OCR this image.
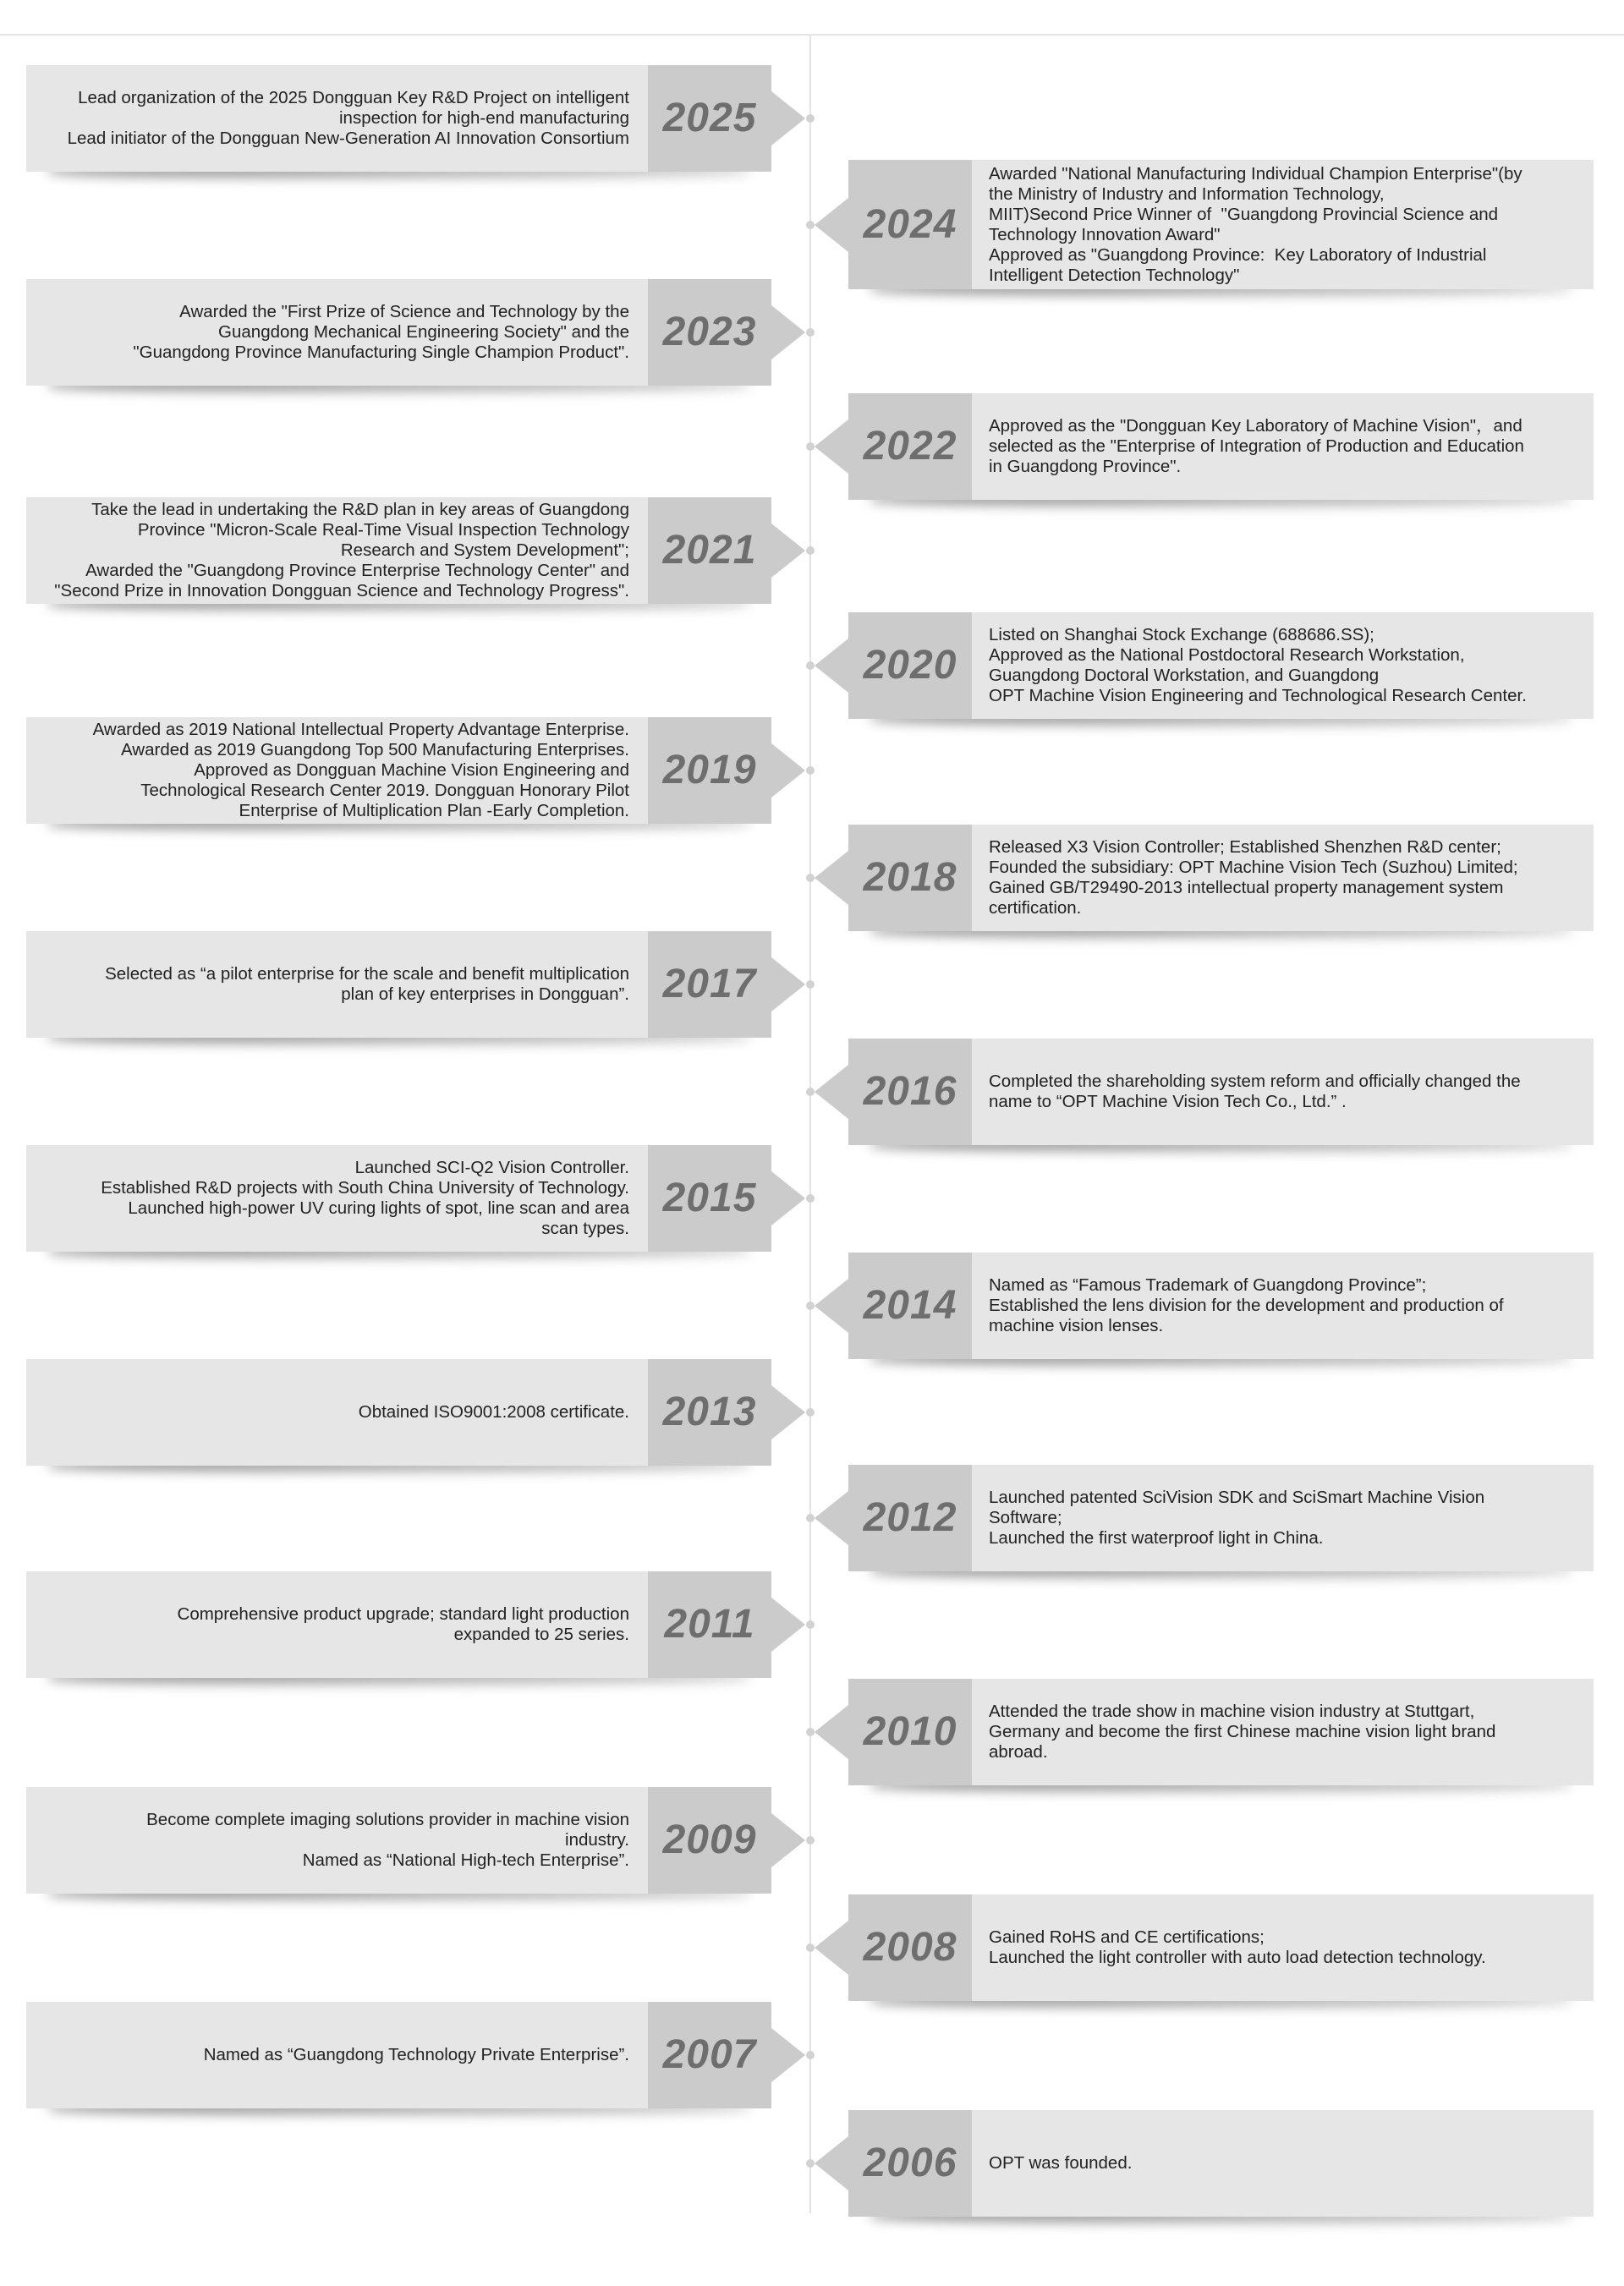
Lead organization of the 2025 Dongguan Key R&D Project on intelligent
inspection for high-end manufacturing
Lead initiator of the Dongguan New-Generation AI Innovation Consortium 2025
2024
Awarded "National Manufacturing Individual Champion Enterprise"(by
the Ministry of Industry and Information Technology,
MIIT)Second Price Winner of  "Guangdong Provincial Science and
Technology Innovation Award"
Approved as "Guangdong Province:  Key Laboratory of Industrial
Intelligent Detection Technology"
Awarded the "First Prize of Science and Technology by the
Guangdong Mechanical Engineering Society" and the
"Guangdong Province Manufacturing Single Champion Product". 2023
2022 Approved as the "Dongguan Key Laboratory of Machine Vision"，and
selected as the "Enterprise of Integration of Production and Education
in Guangdong Province".
Take the lead in undertaking the R&D plan in key areas of Guangdong
Province "Micron-Scale Real-Time Visual Inspection Technology
Research and System Development";
Awarded the "Guangdong Province Enterprise Technology Center" and
"Second Prize in Innovation Dongguan Science and Technology Progress".
2021
2020
Listed on Shanghai Stock Exchange (688686.SS);
Approved as the National Postdoctoral Research Workstation,
Guangdong Doctoral Workstation, and Guangdong
OPT Machine Vision Engineering and Technological Research Center.
Awarded as 2019 National Intellectual Property Advantage Enterprise.
Awarded as 2019 Guangdong Top 500 Manufacturing Enterprises.
Approved as Dongguan Machine Vision Engineering and
Technological Research Center 2019. Dongguan Honorary Pilot
Enterprise of Multiplication Plan -Early Completion.
2019
2018
Released X3 Vision Controller; Established Shenzhen R&D center;
Founded the subsidiary: OPT Machine Vision Tech (Suzhou) Limited;
Gained GB/T29490-2013 intellectual property management system
certification.
Selected as “a pilot enterprise for the scale and benefit multiplication
plan of key enterprises in Dongguan”. 2017
2016 Completed the shareholding system reform and officially changed the
name to “OPT Machine Vision Tech Co., Ltd.” .
Launched SCI-Q2 Vision Controller.
Established R&D projects with South China University of Technology.
Launched high-power UV curing lights of spot, line scan and area
scan types.
2015
2014 Named as “Famous Trademark of Guangdong Province”;
Established the lens division for the development and production of
machine vision lenses.
Obtained ISO9001:2008 certificate. 2013
2012 Launched patented SciVision SDK and SciSmart Machine Vision
Software;
Launched the first waterproof light in China.
Comprehensive product upgrade; standard light production
expanded to 25 series. 2011
2010 Attended the trade show in machine vision industry at Stuttgart,
Germany and become the first Chinese machine vision light brand
abroad.
Become complete imaging solutions provider in machine vision
industry.
Named as “National High-tech Enterprise”. 2009
2008 Gained RoHS and CE certifications;
Launched the light controller with auto load detection technology.
Named as “Guangdong Technology Private Enterprise”. 2007
2006 OPT was founded.
